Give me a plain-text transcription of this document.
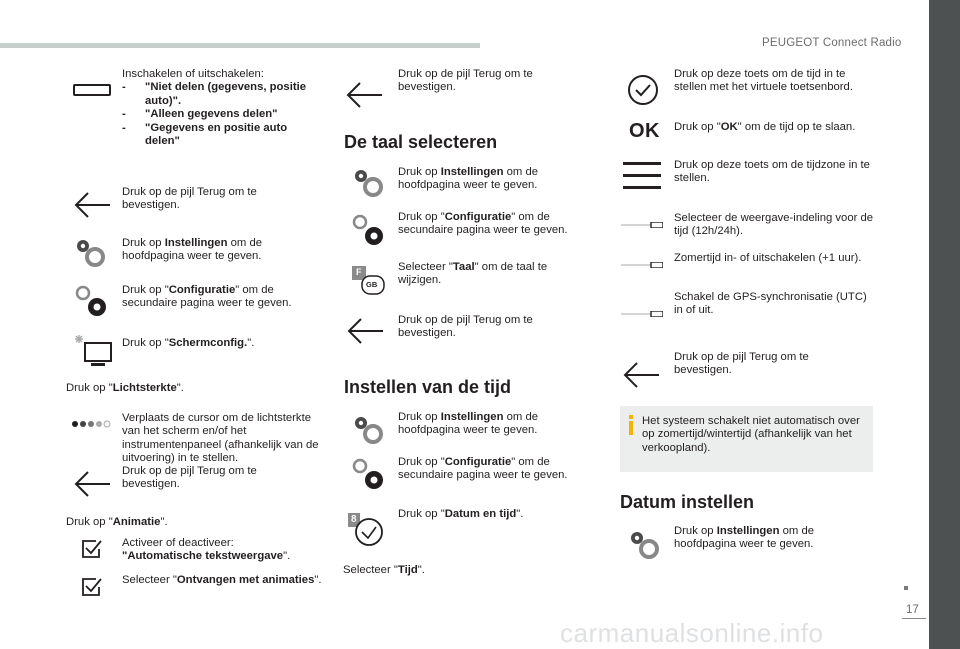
PEUGEOT Connect Radio
17
Inschakelen of uitschakelen:
- "Niet delen (gegevens, positie auto)".
- "Alleen gegevens delen"
- "Gegevens en positie auto delen"
Druk op de pijl Terug om te bevestigen.
Druk op Instellingen om de hoofdpagina weer te geven.
Druk op "Configuratie" om de secundaire pagina weer te geven.
Druk op "Schermconfig.".
Druk op "Lichtsterkte".
Verplaats de cursor om de lichtsterkte van het scherm en/of het instrumentenpaneel (afhankelijk van de uitvoering) in te stellen.
Druk op de pijl Terug om te bevestigen.
Druk op "Animatie".
Activeer of deactiveer:
"Automatische tekstweergave".
Selecteer "Ontvangen met animaties".
Druk op de pijl Terug om te bevestigen.
De taal selecteren
Druk op Instellingen om de hoofdpagina weer te geven.
Druk op "Configuratie" om de secundaire pagina weer te geven.
F
GB
Selecteer "Taal" om de taal te wijzigen.
Druk op de pijl Terug om te bevestigen.
Instellen van de tijd
Druk op Instellingen om de hoofdpagina weer te geven.
Druk op "Configuratie" om de secundaire pagina weer te geven.
8	Druk op "Datum en tijd".
Selecteer "Tijd".
Druk op deze toets om de tijd in te stellen met het virtuele toetsenbord.
OK Druk op "OK" om de tijd op te slaan.
Druk op deze toets om de tijdzone in te stellen.
Selecteer de weergave-indeling voor de tijd (12h/24h).
Zomertijd in- of uitschakelen (+1 uur).
Schakel de GPS-synchronisatie (UTC) in of uit.
Druk op de pijl Terug om te bevestigen.
Het systeem schakelt niet automatisch over op zomertijd/wintertijd (afhankelijk van het verkoopland).
Datum instellen
Druk op Instellingen om de hoofdpagina weer te geven.
carmanualsonline.info
